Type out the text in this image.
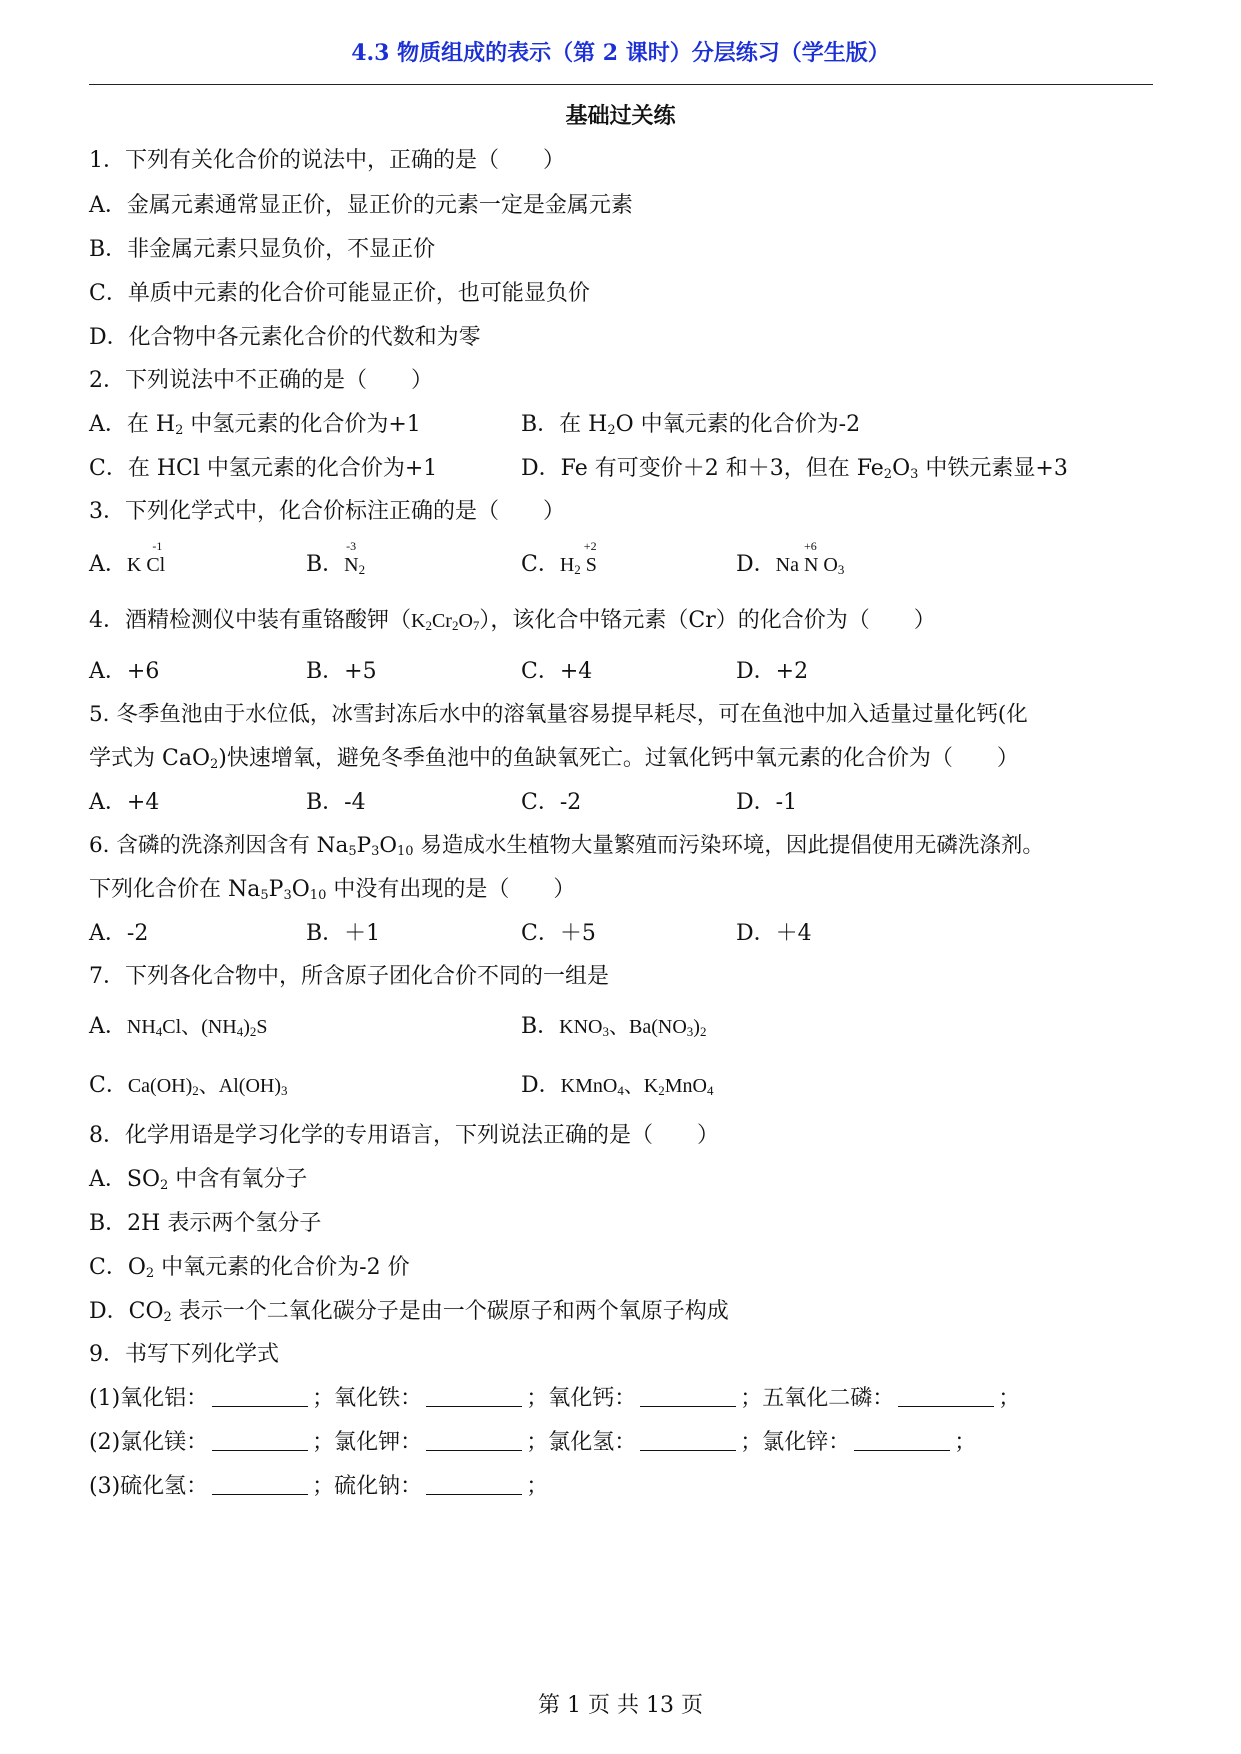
4.3 物质组成的表示（第 2 课时）分层练习（学生版）
基础过关练
1．下列有关化合价的说法中，正确的是（　　）
A．金属元素通常显正价，显正价的元素一定是金属元素
B．非金属元素只显负价，不显正价
C．单质中元素的化合价可能显正价，也可能显负价
D．化合物中各元素化合价的代数和为零
2．下列说法中不正确的是（　　）
A．在 $H_2$ 中氢元素的化合价为+1	B．在 $H_2O$ 中氧元素的化合价为-2
C．在 HCl 中氢元素的化合价为+1	D．Fe 有可变价＋2 和＋3，但在 $Fe_2O_3$ 中铁元素显+3
3．下列化学式中，化合价标注正确的是（　　）
A．K
-1
Cl	B．
-3
$N_2$	C．$H_2$
+2
S	D．Na
+6
N $O_3$
4．酒精检测仪中装有重铬酸钾$(K_2Cr_2O_7)$，该化合中铬元素（Cr）的化合价为（　　）
A．+6	B．+5	C．+4	D．+2
5. 冬季鱼池由于水位低，冰雪封冻后水中的溶氧量容易提早耗尽，可在鱼池中加入适量过量化钙(化
学式为 CaO$_2$)快速增氧，避免冬季鱼池中的鱼缺氧死亡。过氧化钙中氧元素的化合价为（　　）
A．+4	B．-4	C．-2	D．-1
6. 含磷的洗涤剂因含有 $Na_5P_3O_{10}$ 易造成水生植物大量繁殖而污染环境，因此提倡使用无磷洗涤剂。
下列化合价在 $Na_5P_3O_{10}$ 中没有出现的是（　　）
A．-2	B．＋1	C．＋5	D．＋4
7．下列各化合物中，所含原子团化合价不同的一组是
A．$NH_4Cl$、$(NH_4)_2S$	B．$KNO_3$、$Ba(NO_3)_2$
C．$Ca(OH)_2$、$Al(OH)_3$	D．KMnO$_4$、$K_2MnO_4$
8．化学用语是学习化学的专用语言，下列说法正确的是（　　）
A．$SO_2$ 中含有氧分子
B．2H 表示两个氢分子
C．$O_2$ 中氧元素的化合价为-2 价
D．$CO_2$ 表示一个二氧化碳分子是由一个碳原子和两个氧原子构成
9．书写下列化学式
(1)氧化铝：	；氧化铁：	；氧化钙：	；五氧化二磷：	；
(2)氯化镁：	；氯化钾：	；氯化氢：	；氯化锌：	；
(3)硫化氢：	；硫化钠：	；
第 1 页 共 13 页
